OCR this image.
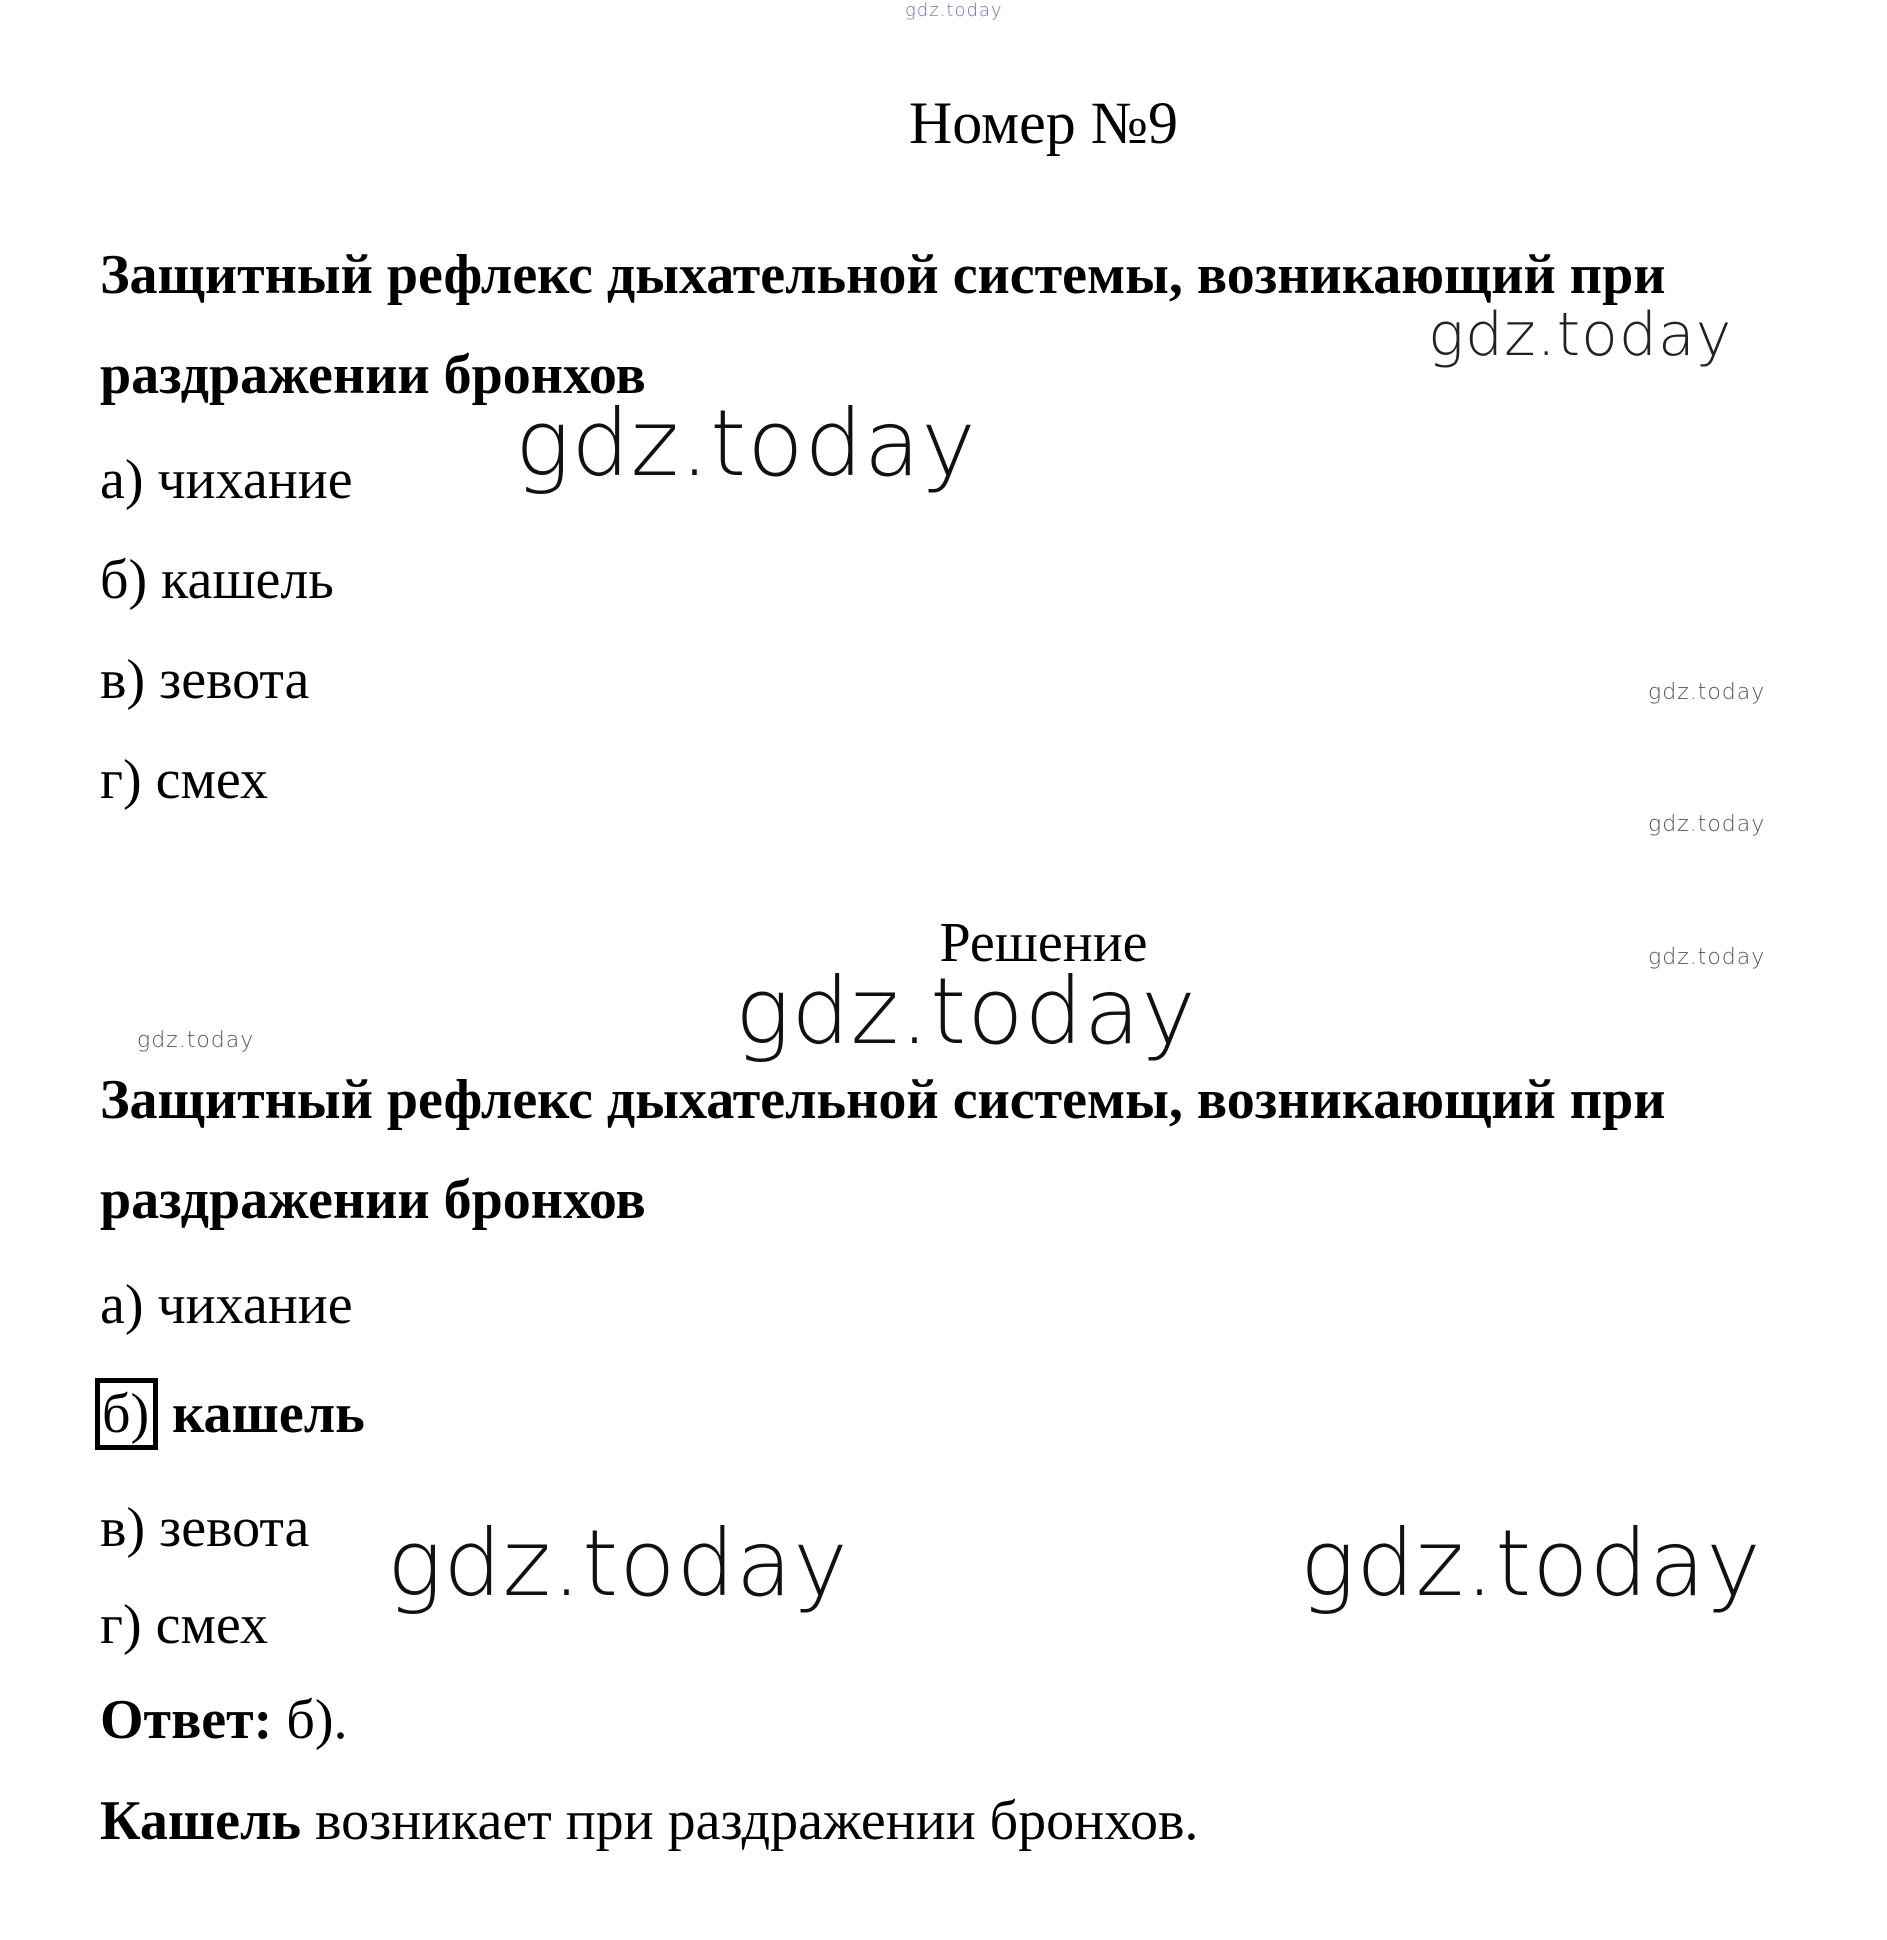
gdz.today
Номер №9
Защитный рефлекс дыхательной системы, возникающий при раздражении бронхов
а) чихание
б) кашель
в) зевота
г) смех
Решение
Защитный рефлекс дыхательной системы, возникающий при раздражении бронхов
а) чихание
б) кашель
в) зевота
г) смех
Ответ: б).
Кашель возникает при раздражении бронхов.
gdz.today
gdz.today
gdz.today
gdz.today
gdz.today
gdz.today
gdz.today
gdz.today	gdz.today
